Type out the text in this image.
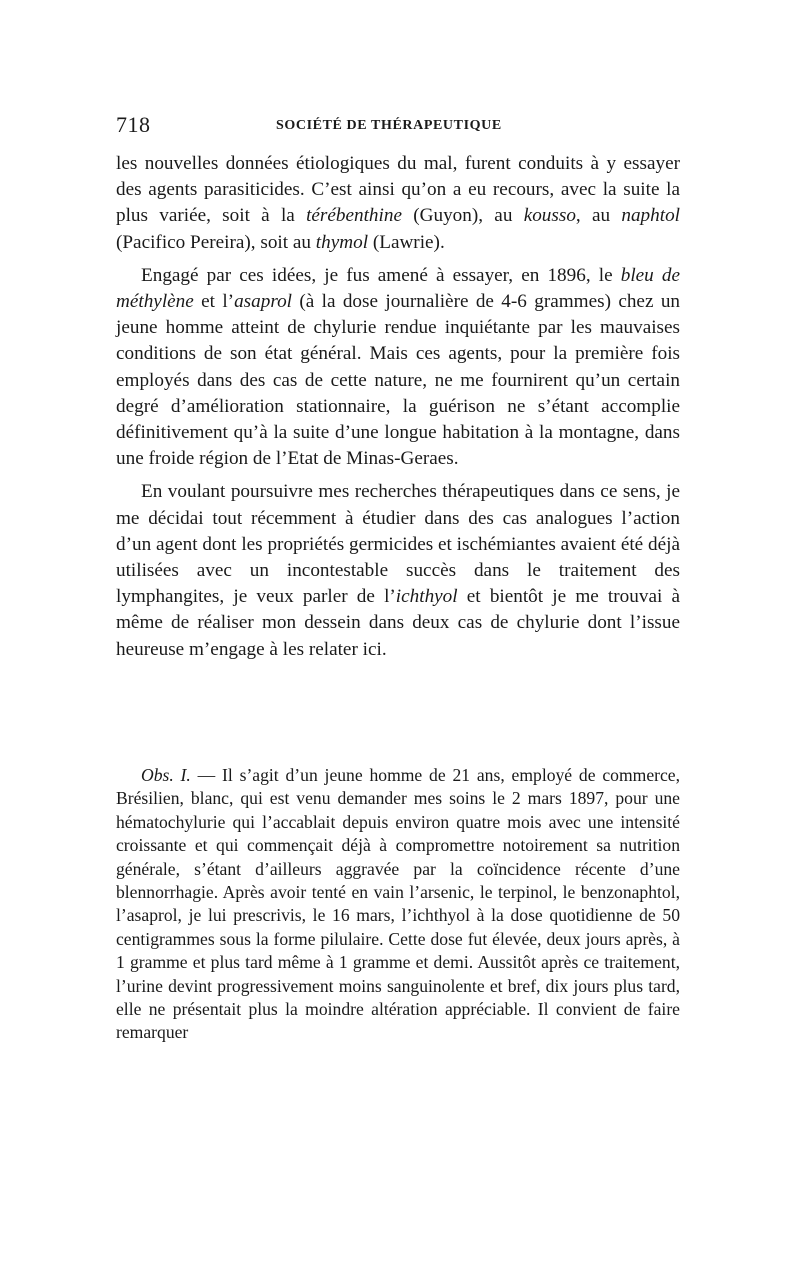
718	SOCIÉTÉ DE THÉRAPEUTIQUE

les nouvelles données étiologiques du mal, furent conduits à y essayer des agents parasiticides. C’est ainsi qu’on a eu recours, avec la suite la plus variée, soit à la térébenthine (Guyon), au kousso, au naphtol (Pacifico Pereira), soit au thymol (Lawrie).

Engagé par ces idées, je fus amené à essayer, en 1896, le bleu de méthylène et l’asaprol (à la dose journalière de 4-6 grammes) chez un jeune homme atteint de chylurie rendue inquiétante par les mauvaises conditions de son état général. Mais ces agents, pour la première fois employés dans des cas de cette nature, ne me fournirent qu’un certain degré d’amélioration stationnaire, la guérison ne s’étant accomplie définitivement qu’à la suite d’une longue habitation à la montagne, dans une froide région de l’Etat de Minas-Geraes.

En voulant poursuivre mes recherches thérapeutiques dans ce sens, je me décidai tout récemment à étudier dans des cas analogues l’action d’un agent dont les propriétés germicides et ischémiantes avaient été déjà utilisées avec un incontestable succès dans le traitement des lymphangites, je veux parler de l’ichthyol et bientôt je me trouvai à même de réaliser mon dessein dans deux cas de chylurie dont l’issue heureuse m’engage à les relater ici.

Obs. I. — Il s’agit d’un jeune homme de 21 ans, employé de commerce, Brésilien, blanc, qui est venu demander mes soins le 2 mars 1897, pour une hématochylurie qui l’accablait depuis environ quatre mois avec une intensité croissante et qui commençait déjà à compromettre notoirement sa nutrition générale, s’étant d’ailleurs aggravée par la coïncidence récente d’une blennorrhagie. Après avoir tenté en vain l’arsenic, le terpinol, le benzonaphtol, l’asaprol, je lui prescrivis, le 16 mars, l’ichthyol à la dose quotidienne de 50 centigrammes sous la forme pilulaire. Cette dose fut élevée, deux jours après, à 1 gramme et plus tard même à 1 gramme et demi. Aussitôt après ce traitement, l’urine devint progressivement moins sanguinolente et bref, dix jours plus tard, elle ne présentait plus la moindre altération appréciable. Il convient de faire remarquer
